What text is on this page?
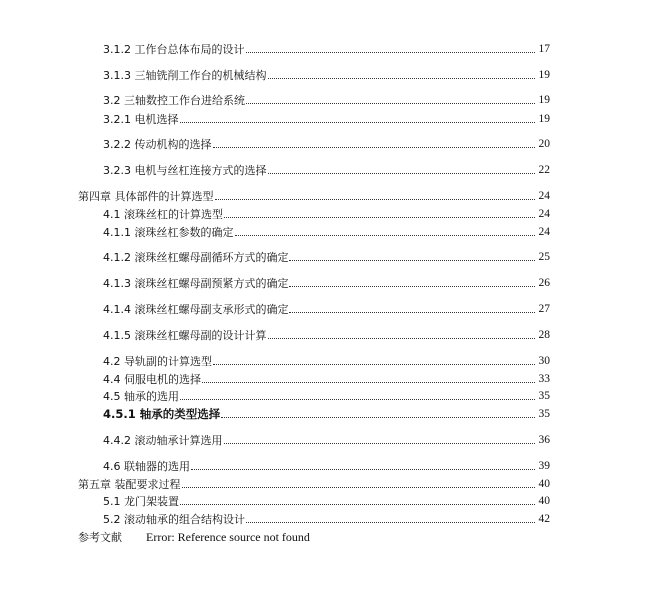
3.1.2 工作台总体布局的设计	17
3.1.3 三轴铣削工作台的机械结构	19
3.2 三轴数控工作台进给系统	19
3.2.1 电机选择	19
3.2.2 传动机构的选择	20
3.2.3 电机与丝杠连接方式的选择	22
第四章 具体部件的计算选型	24
4.1 滚珠丝杠的计算选型	24
4.1.1 滚珠丝杠参数的确定	24
4.1.2 滚珠丝杠螺母副循环方式的确定	25
4.1.3 滚珠丝杠螺母副预紧方式的确定	26
4.1.4 滚珠丝杠螺母副支承形式的确定	27
4.1.5 滚珠丝杠螺母副的设计计算	28
4.2 导轨副的计算选型	30
4.4 伺服电机的选择	33
4.5 轴承的选用	35
4.5.1 轴承的类型选择	35
4.4.2 滚动轴承计算选用	36
4.6 联轴器的选用	39
第五章 装配要求过程	40
5.1 龙门架装置	40
5.2 滚动轴承的组合结构设计	42
参考文献 Error: Reference source not found
